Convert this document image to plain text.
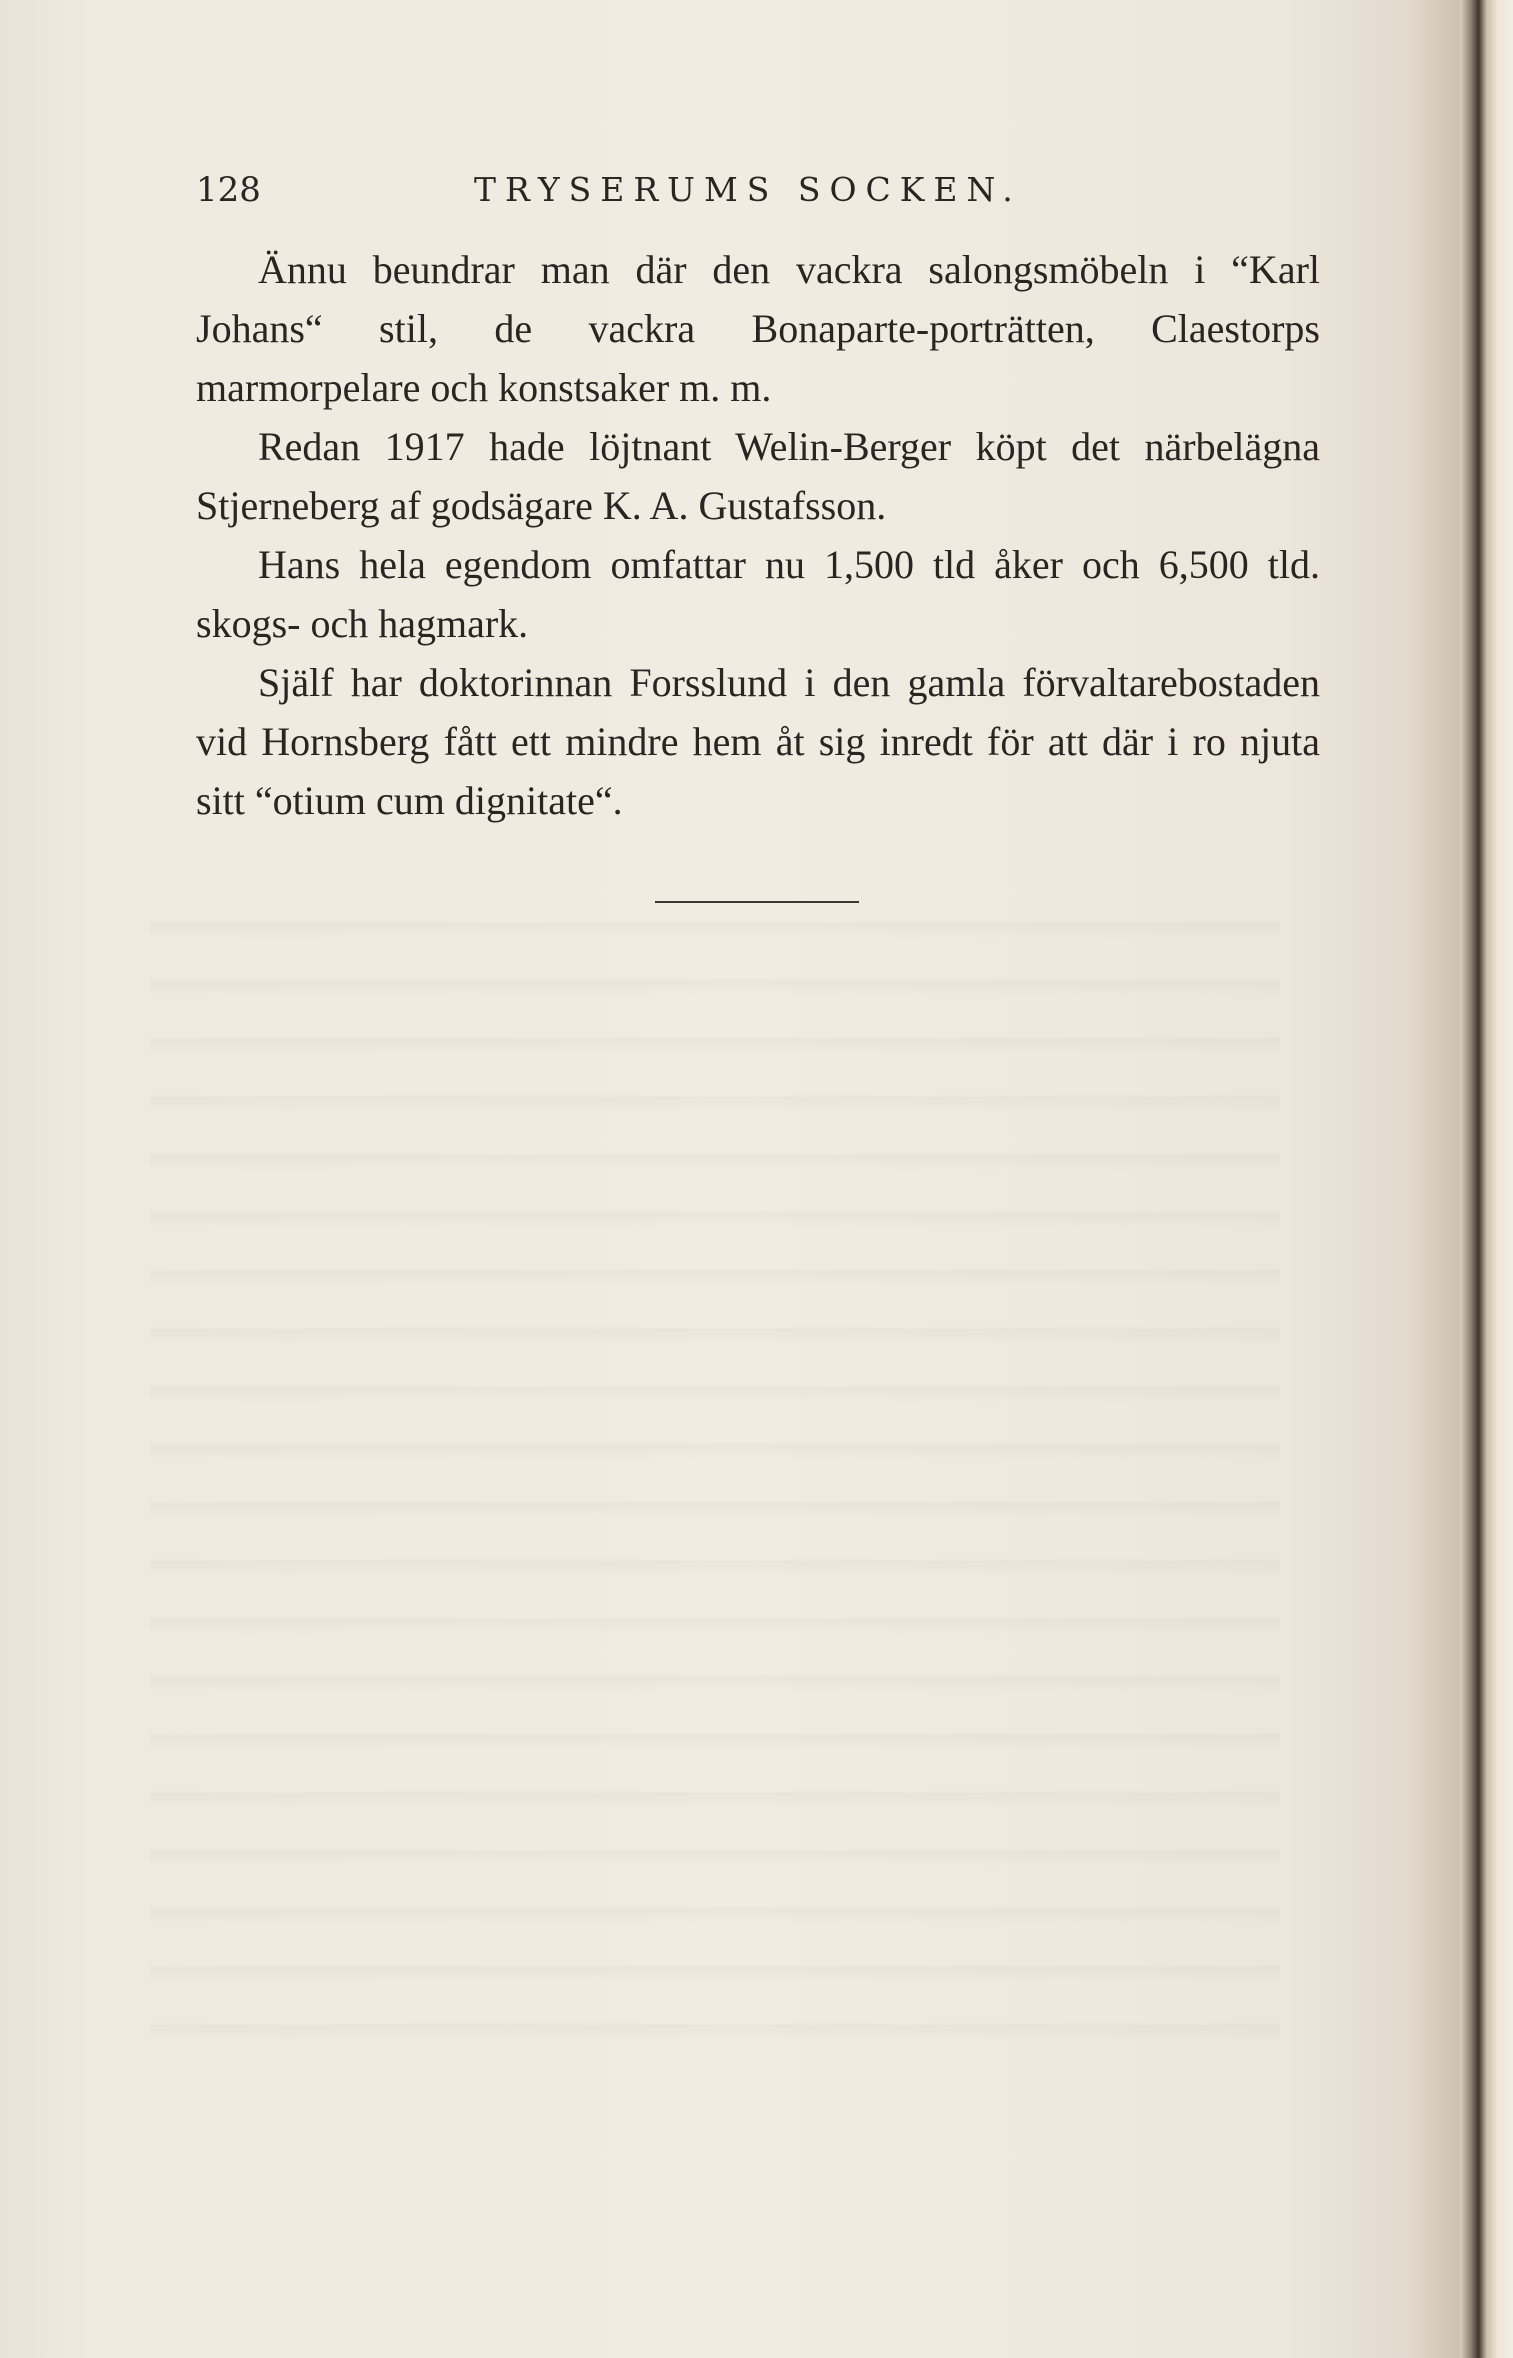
128	TRYSERUMS SOCKEN.

Ännu beundrar man där den vackra salongsmöbeln i “Karl Johans“ stil, de vackra Bonaparte-porträtten, Claestorps marmorpelare och konstsaker m. m.

Redan 1917 hade löjtnant Welin-Berger köpt det närbelägna Stjerneberg af godsägare K. A. Gustafsson.

Hans hela egendom omfattar nu 1,500 tld åker och 6,500 tld. skogs- och hagmark.

Själf har doktorinnan Forsslund i den gamla förvaltarebostaden vid Hornsberg fått ett mindre hem åt sig inredt för att där i ro njuta sitt “otium cum dignitate“.
